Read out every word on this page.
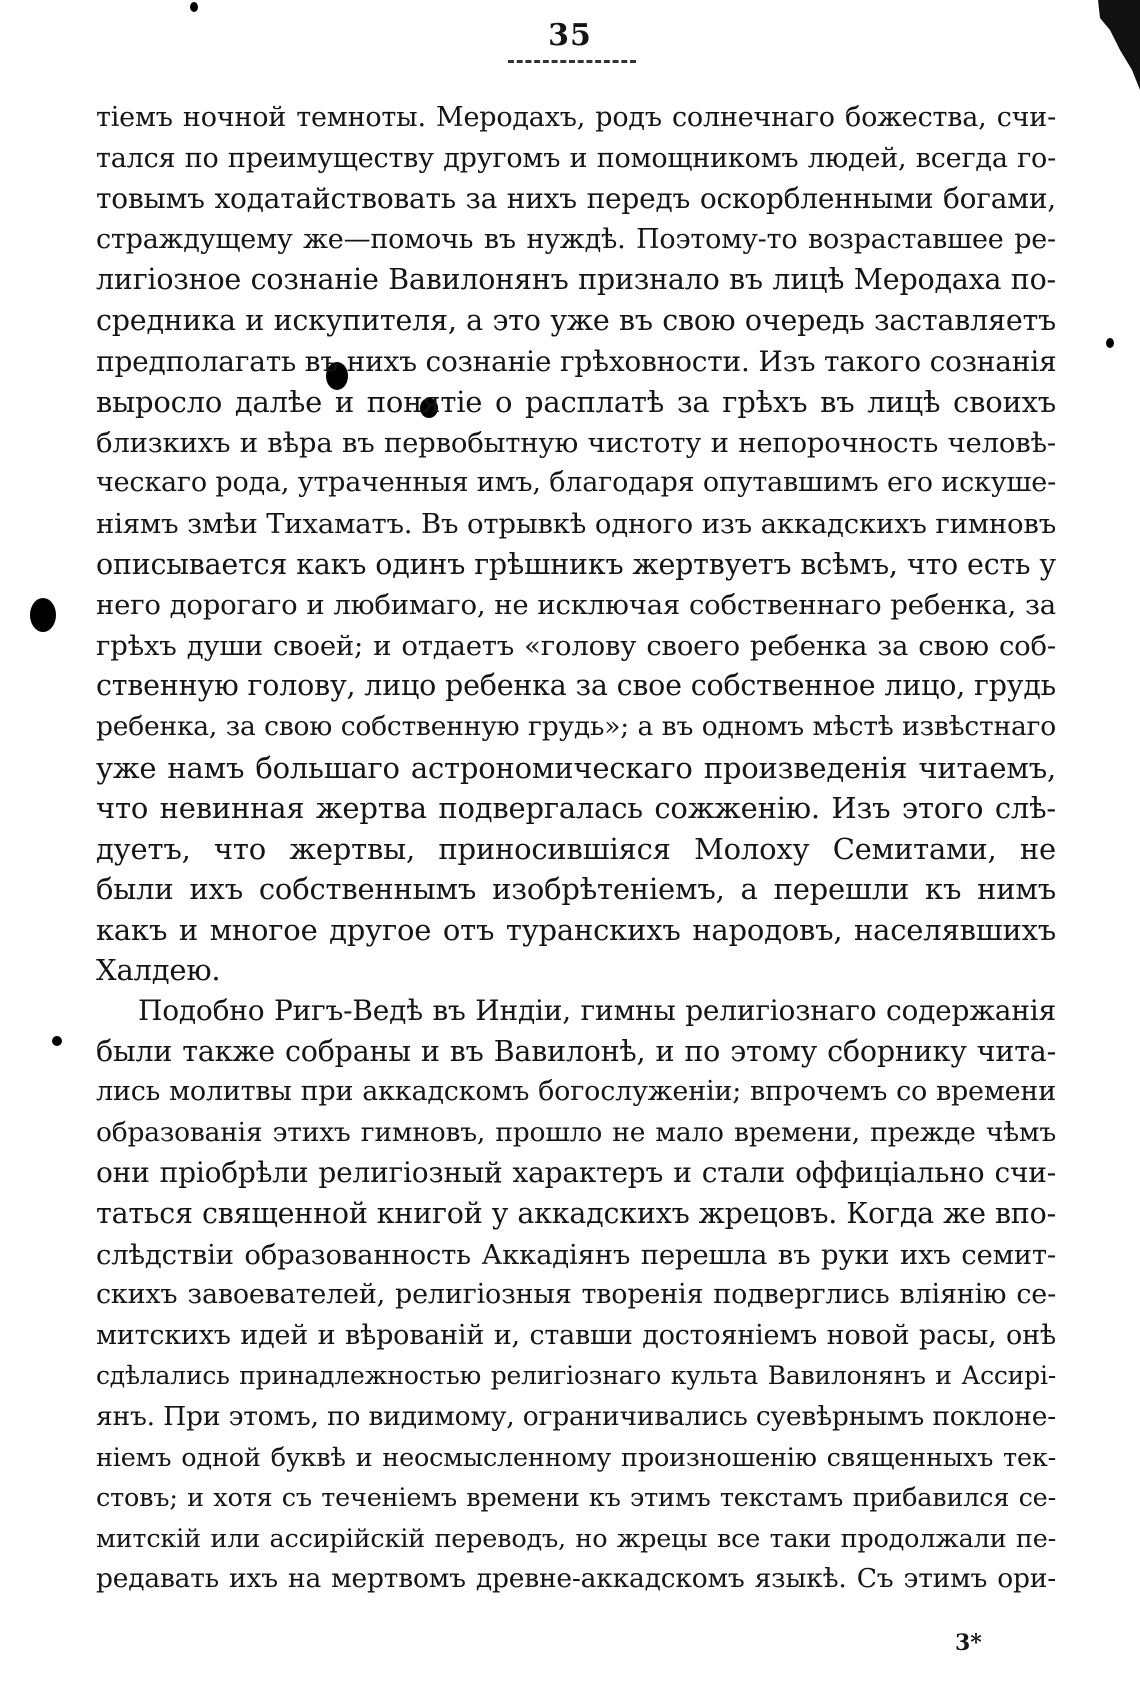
35
тіемъ ночной темноты. Меродахъ, родъ солнечнаго божества, счи-
тался по преимуществу другомъ и помощникомъ людей, всегда го-
товымъ ходатайствовать за нихъ передъ оскорбленными богами,
страждущему же—помочь въ нуждѣ. Поэтому-то возраставшее ре-
лигіозное сознаніе Вавилонянъ признало въ лицѣ Меродаха по-
средника и искупителя, а это уже въ свою очередь заставляетъ
предполагать въ нихъ сознаніе грѣховности. Изъ такого сознанія
выросло далѣе и понятіе о расплатѣ за грѣхъ въ лицѣ своихъ
близкихъ и вѣра въ первобытную чистоту и непорочность человѣ-
ческаго рода, утраченныя имъ, благодаря опутавшимъ его искуше-
ніямъ змѣи Тихаматъ. Въ отрывкѣ одного изъ аккадскихъ гимновъ
описывается какъ одинъ грѣшникъ жертвуетъ всѣмъ, что есть у
него дорогаго и любимаго, не исключая собственнаго ребенка, за
грѣхъ души своей; и отдаетъ «голову своего ребенка за свою соб-
ственную голову, лицо ребенка за свое собственное лицо, грудь
ребенка, за свою собственную грудь»; а въ одномъ мѣстѣ извѣстнаго
уже намъ большаго астрономическаго произведенія читаемъ,
что невинная жертва подвергалась сожженію. Изъ этого слѣ-
дуетъ, что жертвы, приносившіяся Молоху Семитами, не
были ихъ собственнымъ изобрѣтеніемъ, а перешли къ нимъ
какъ и многое другое отъ туранскихъ народовъ, населявшихъ
Халдею.
Подобно Ригъ-Ведѣ въ Индіи, гимны религіознаго содержанія
были также собраны и въ Вавилонѣ, и по этому сборнику чита-
лись молитвы при аккадскомъ богослуженіи; впрочемъ со времени
образованія этихъ гимновъ, прошло не мало времени, прежде чѣмъ
они пріобрѣли религіозный характеръ и стали оффиціально счи-
таться священной книгой у аккадскихъ жрецовъ. Когда же впо-
слѣдствіи образованность Аккадіянъ перешла въ руки ихъ семит-
скихъ завоевателей, религіозныя творенія подверглись вліянію се-
митскихъ идей и вѣрованій и, ставши достояніемъ новой расы, онѣ
сдѣлались принадлежностью религіознаго культа Вавилонянъ и Ассирі-
янъ. При этомъ, по видимому, ограничивались суевѣрнымъ поклоне-
ніемъ одной буквѣ и неосмысленному произношенію священныхъ тек-
стовъ; и хотя съ теченіемъ времени къ этимъ текстамъ прибавился се-
митскій или ассирійскій переводъ, но жрецы все таки продолжали пе-
редавать ихъ на мертвомъ древне-аккадскомъ языкѣ. Съ этимъ ори-
3*
